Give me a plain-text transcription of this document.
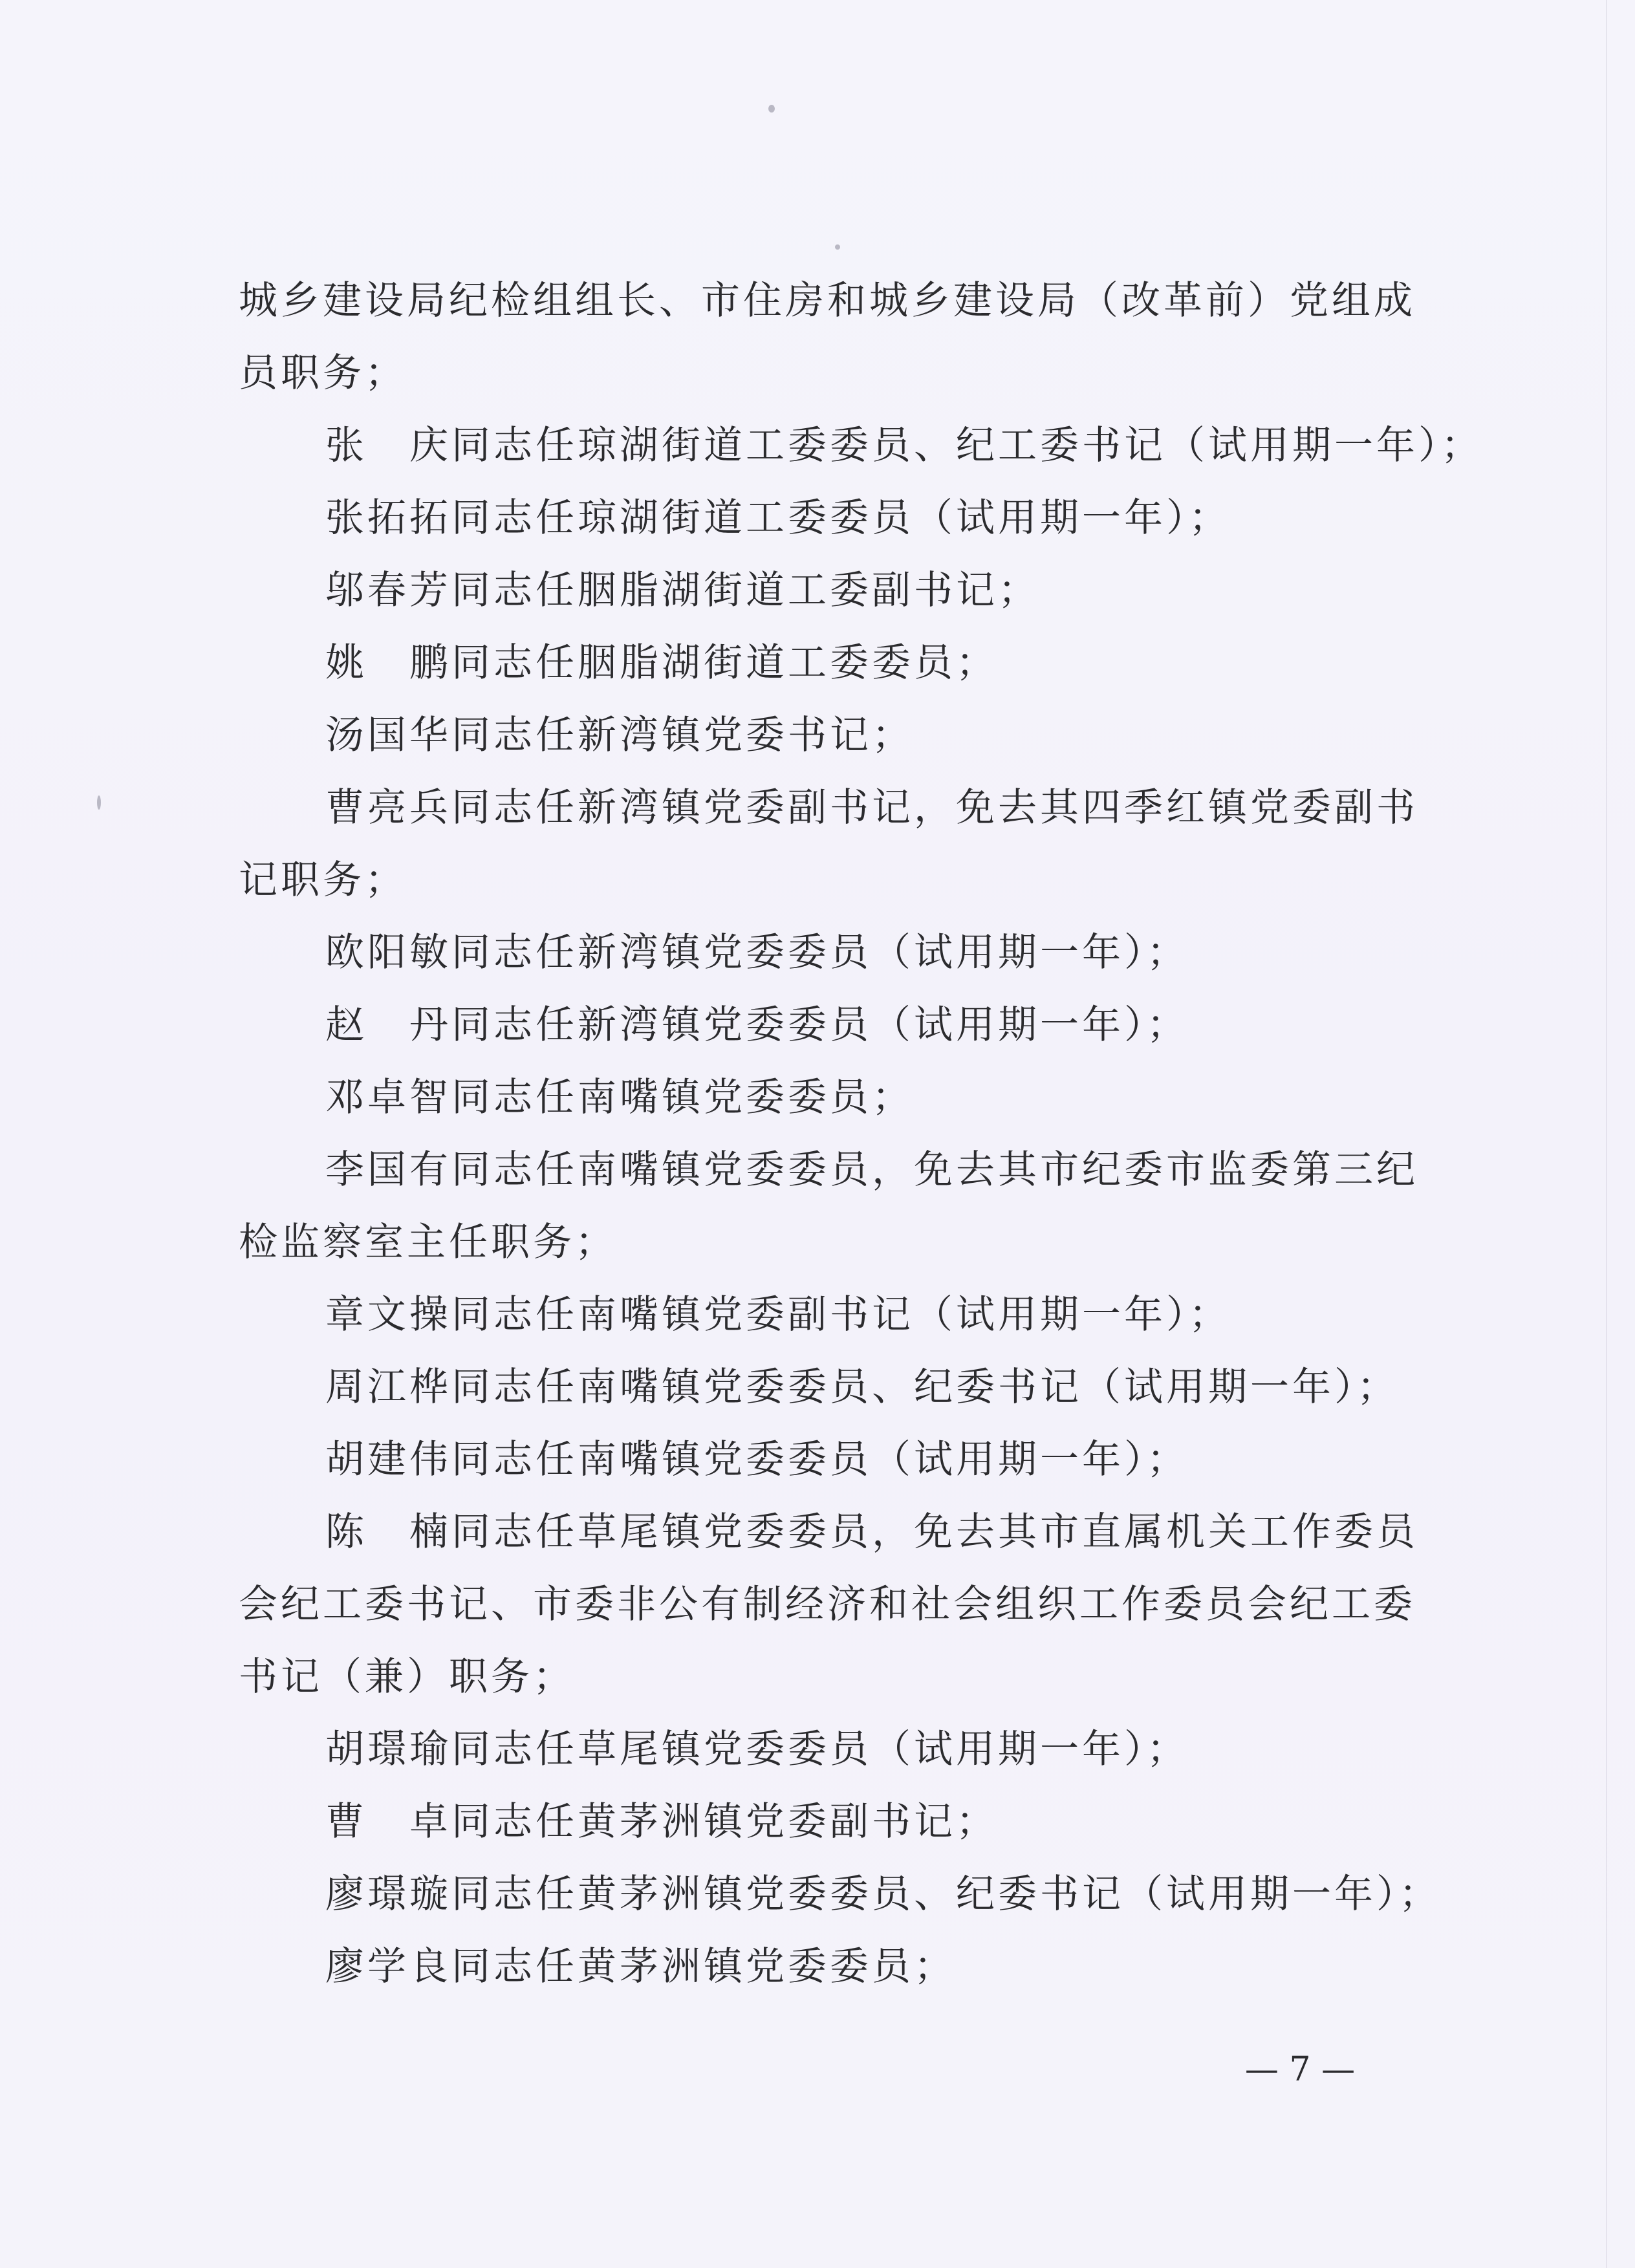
城乡建设局纪检组组长、市住房和城乡建设局（改革前）党组成
员职务；
张　庆同志任琼湖街道工委委员、纪工委书记（试用期一年）；
张拓拓同志任琼湖街道工委委员（试用期一年）；
邬春芳同志任胭脂湖街道工委副书记；
姚　鹏同志任胭脂湖街道工委委员；
汤国华同志任新湾镇党委书记；
曹亮兵同志任新湾镇党委副书记，免去其四季红镇党委副书
记职务；
欧阳敏同志任新湾镇党委委员（试用期一年）；
赵　丹同志任新湾镇党委委员（试用期一年）；
邓卓智同志任南嘴镇党委委员；
李国有同志任南嘴镇党委委员，免去其市纪委市监委第三纪
检监察室主任职务；
章文操同志任南嘴镇党委副书记（试用期一年）；
周江桦同志任南嘴镇党委委员、纪委书记（试用期一年）；
胡建伟同志任南嘴镇党委委员（试用期一年）；
陈　楠同志任草尾镇党委委员，免去其市直属机关工作委员
会纪工委书记、市委非公有制经济和社会组织工作委员会纪工委
书记（兼）职务；
胡璟瑜同志任草尾镇党委委员（试用期一年）；
曹　卓同志任黄茅洲镇党委副书记；
廖璟璇同志任黄茅洲镇党委委员、纪委书记（试用期一年）；
廖学良同志任黄茅洲镇党委委员；
— 7 —
